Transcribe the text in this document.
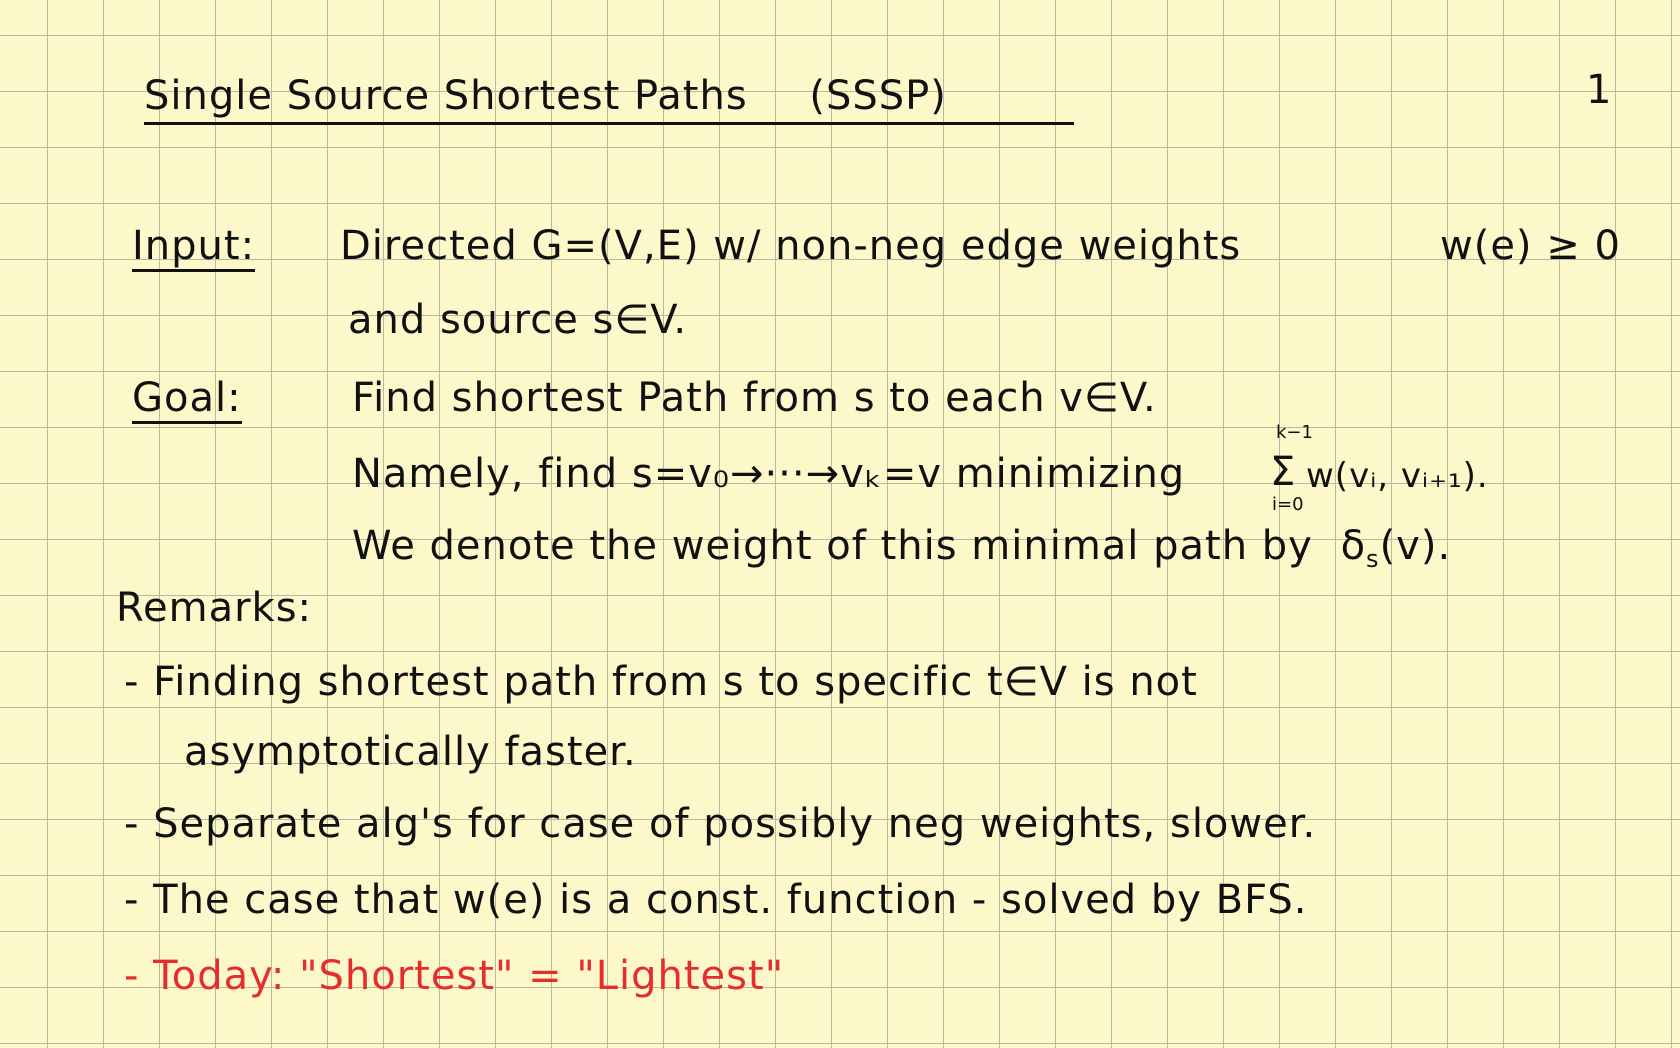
Single Source Shortest Paths (SSSP)	1
Input: Directed G=(V,E) w/ non-neg edge weights	w(e) ≥ 0
and source s∈V.
Goal:	Find shortest Path from s to each v∈V.
Namely, find s=v₀→···→vₖ=v minimizing
k−1
Σ
i=0
w(vᵢ, vᵢ₊₁).
We denote the weight of this minimal path by $\delta_s(v)$.
Remarks:
- Finding shortest path from s to specific t∈V is not
asymptotically faster.
- Separate alg's for case of possibly neg weights, slower.
- The case that w(e) is a const. function - solved by BFS.
- Today: "Shortest" = "Lightest"
